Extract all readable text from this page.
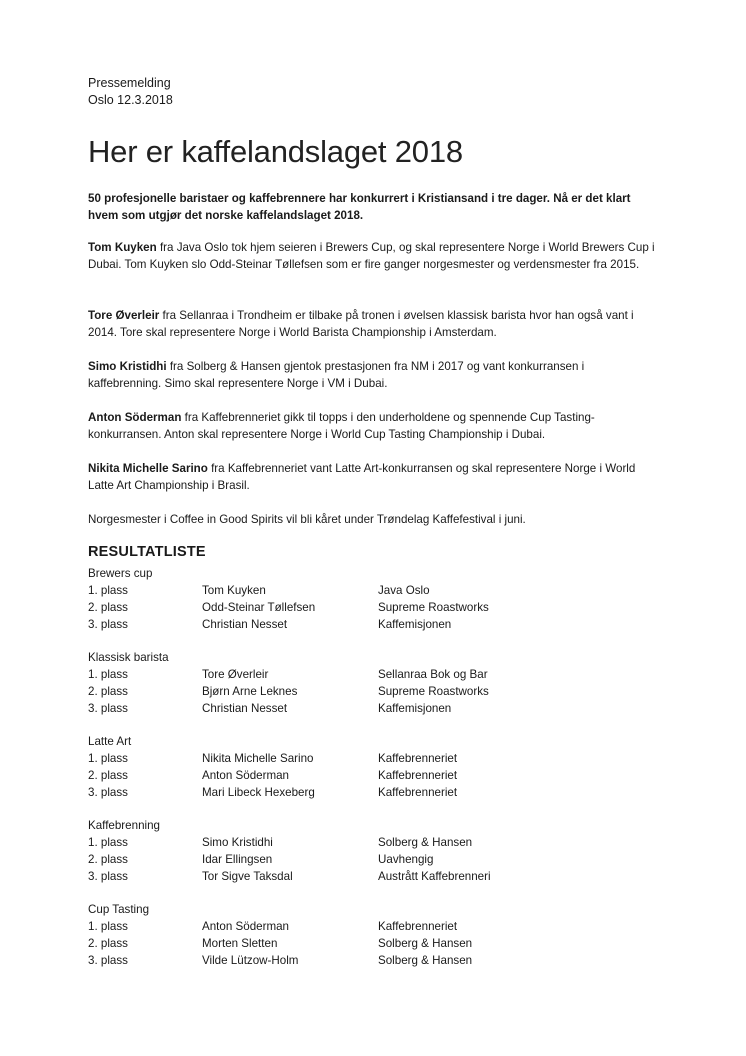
Pressemelding
Oslo 12.3.2018
Her er kaffelandslaget 2018

50 profesjonelle baristaer og kaffebrennere har konkurrert i Kristiansand i tre dager. Nå er det klart hvem som utgjør det norske kaffelandslaget 2018.

Tom Kuyken fra Java Oslo tok hjem seieren i Brewers Cup, og skal representere Norge i World Brewers Cup i Dubai. Tom Kuyken slo Odd-Steinar Tøllefsen som er fire ganger norgesmester og verdensmester fra 2015.

Tore Øverleir fra Sellanraa i Trondheim er tilbake på tronen i øvelsen klassisk barista hvor han også vant i 2014. Tore skal representere Norge i World Barista Championship i Amsterdam.

Simo Kristidhi fra Solberg & Hansen gjentok prestasjonen fra NM i 2017 og vant konkurransen i kaffebrenning. Simo skal representere Norge i VM i Dubai.

Anton Söderman fra Kaffebrenneriet gikk til topps i den underholdene og spennende Cup Tasting-konkurransen. Anton skal representere Norge i World Cup Tasting Championship i Dubai.

Nikita Michelle Sarino fra Kaffebrenneriet vant Latte Art-konkurransen og skal representere Norge i World Latte Art Championship i Brasil.

Norgesmester i Coffee in Good Spirits vil bli kåret under Trøndelag Kaffefestival i juni.

RESULTATLISTE
Brewers cup
1. plass	Tom Kuyken	Java Oslo
2. plass	Odd-Steinar Tøllefsen	Supreme Roastworks
3. plass	Christian Nesset	Kaffemisjonen
Klassisk barista
1. plass	Tore Øverleir	Sellanraa Bok og Bar
2. plass	Bjørn Arne Leknes	Supreme Roastworks
3. plass	Christian Nesset	Kaffemisjonen
Latte Art
1. plass	Nikita Michelle Sarino	Kaffebrenneriet
2. plass	Anton Söderman	Kaffebrenneriet
3. plass	Mari Libeck Hexeberg	Kaffebrenneriet
Kaffebrenning
1. plass	Simo Kristidhi	Solberg & Hansen
2. plass	Idar Ellingsen	Uavhengig
3. plass	Tor Sigve Taksdal	Austrått Kaffebrenneri
Cup Tasting
1. plass	Anton Söderman	Kaffebrenneriet
2. plass	Morten Sletten	Solberg & Hansen
3. plass	Vilde Lützow-Holm	Solberg & Hansen
